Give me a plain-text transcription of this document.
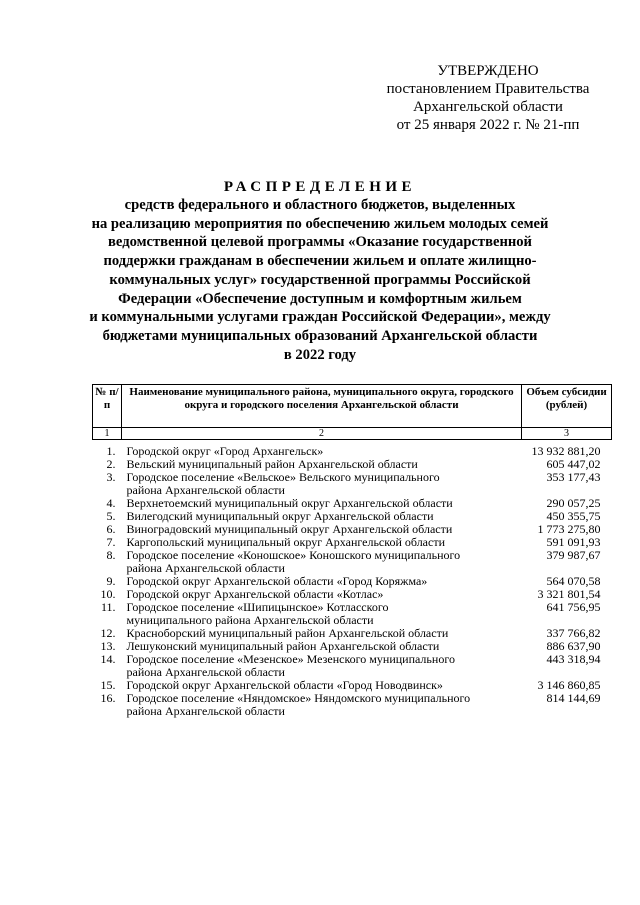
УТВЕРЖДЕНО
постановлением Правительства
Архангельской области
от 25 января 2022 г. № 21-пп
РАСПРЕДЕЛЕНИЕ
средств федерального и областного бюджетов, выделенных
на реализацию мероприятия по обеспечению жильем молодых семей
ведомственной целевой программы «Оказание государственной
поддержки гражданам в обеспечении жильем и оплате жилищно-
коммунальных услуг» государственной программы Российской
Федерации «Обеспечение доступным и комфортным жильем
и коммунальными услугами граждан Российской Федерации», между
бюджетами муниципальных образований Архангельской области
в 2022 году
№ п/п	Наименование муниципального района, муниципального округа, городского округа и городского поселения Архангельской области	Объем субсидии (рублей)
1	2	3

1.	Городской округ «Город Архангельск»	13 932 881,20
2.	Вельский муниципальный район Архангельской области	605 447,02
3.	Городское поселение «Вельское» Вельского муниципального
района Архангельской области	353 177,43
4.	Верхнетоемский муниципальный округ Архангельской области	290 057,25
5.	Вилегодский муниципальный округ Архангельской области	450 355,75
6.	Виноградовский муниципальный округ Архангельской области	1 773 275,80
7.	Каргопольский муниципальный округ Архангельской области	591 091,93
8.	Городское поселение «Коношское» Коношского муниципального
района Архангельской области	379 987,67
9.	Городской округ Архангельской области «Город Коряжма»	564 070,58
10.	Городской округ Архангельской области «Котлас»	3 321 801,54
11.	Городское поселение «Шипицынское» Котласского
муниципального района Архангельской области	641 756,95
12.	Красноборский муниципальный район Архангельской области	337 766,82
13.	Лешуконский муниципальный район Архангельской области	886 637,90
14.	Городское поселение «Мезенское» Мезенского муниципального
района Архангельской области	443 318,94
15.	Городской округ Архангельской области «Город Новодвинск»	3 146 860,85
16.	Городское поселение «Няндомское» Няндомского муниципального
района Архангельской области	814 144,69
